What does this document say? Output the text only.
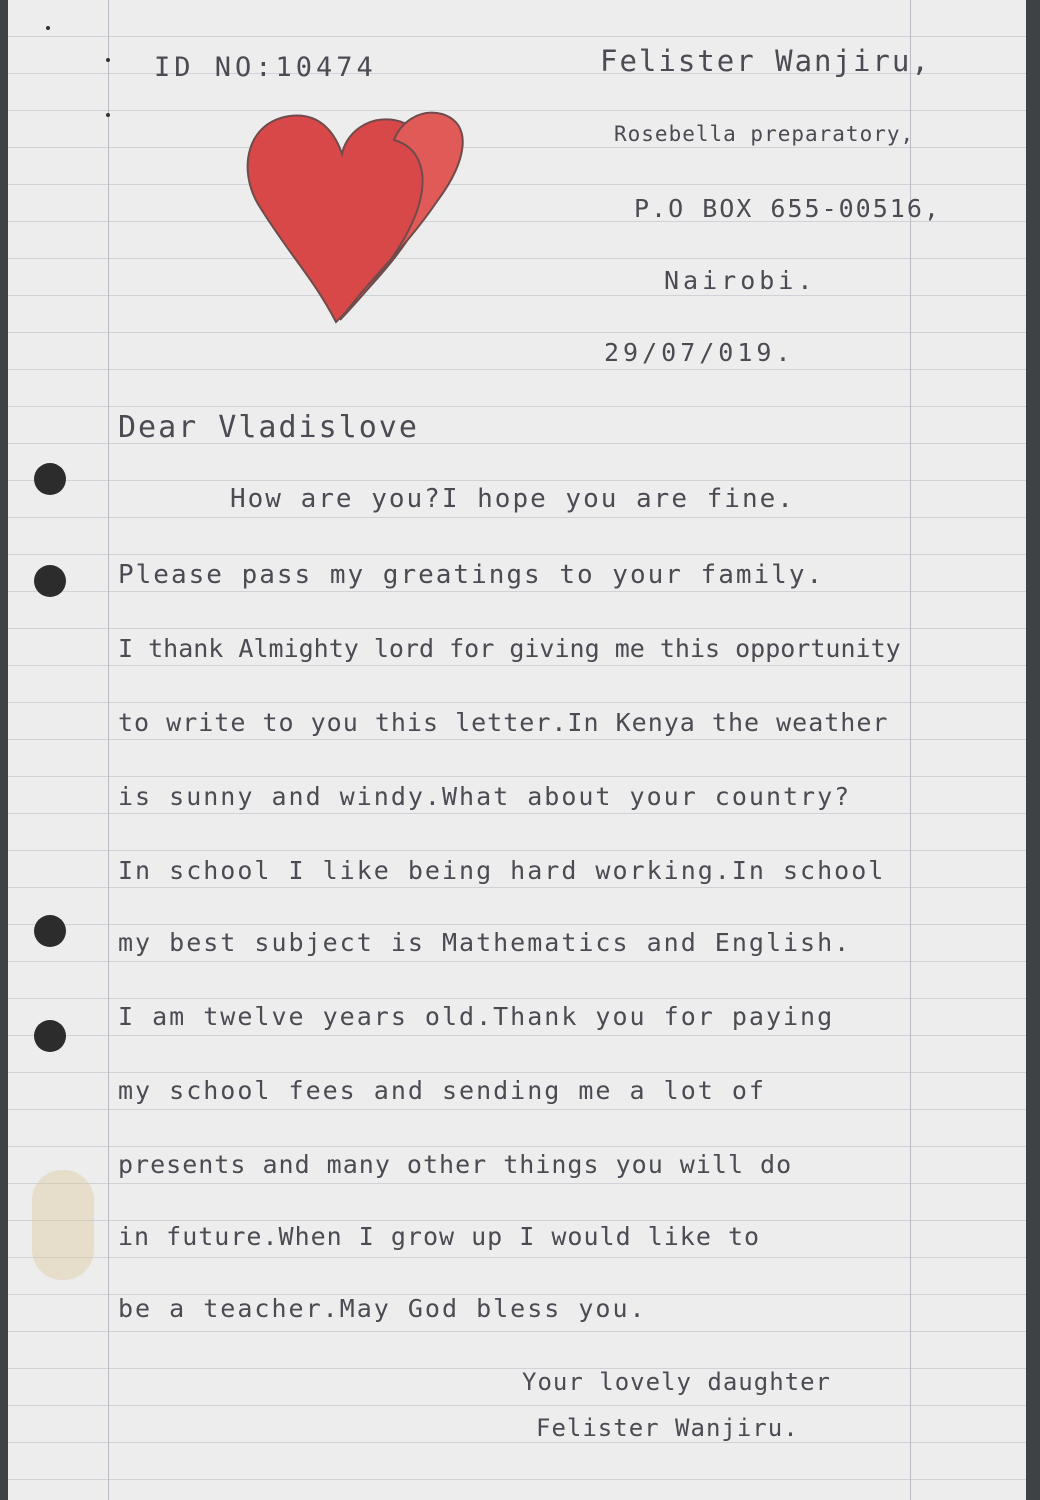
ID NO:10474	Felister Wanjiru,
Rosebella preparatory,
P.O BOX 655-00516,
Nairobi.
29/07/019.
Dear Vladislove
How are you?I hope you are fine.
Please pass my greatings to your family.
I thank Almighty lord for giving me this opportunity
to write to you this letter.In Kenya the weather
is sunny and windy.What about your country?
In school I like being hard working.In school
my best subject is Mathematics and English.
I am twelve years old.Thank you for paying
my school fees and sending me a lot of
presents and many other things you will do
in future.When I grow up I would like to
be a teacher.May God bless you.
Your lovely daughter
Felister Wanjiru.
